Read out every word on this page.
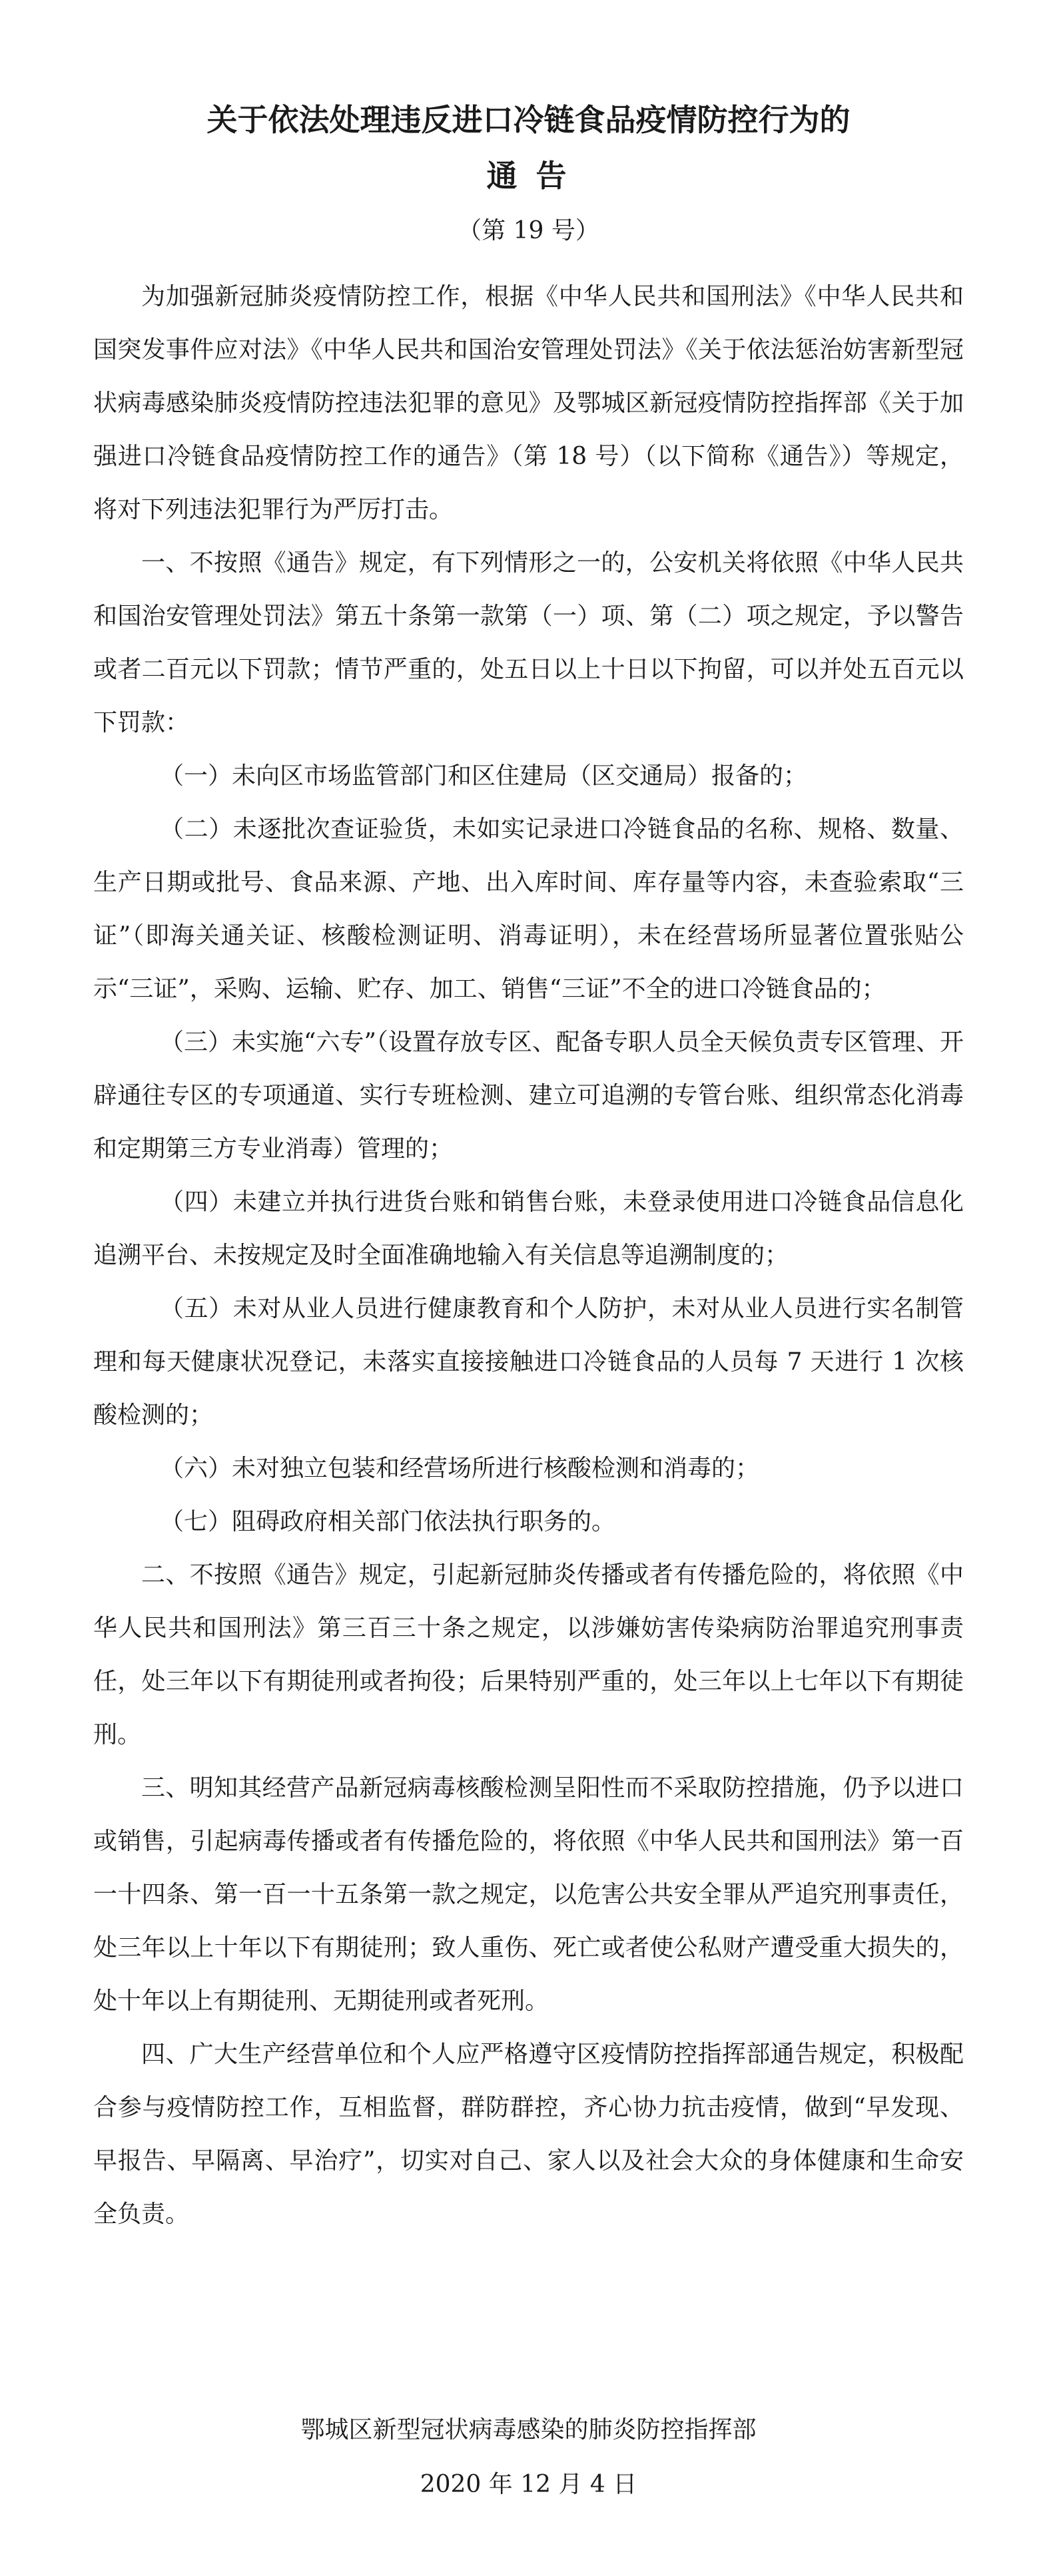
关于依法处理违反进口冷链食品疫情防控行为的
通 告

（第 19 号）

为加强新冠肺炎疫情防控工作，根据《中华人民共和国刑法》《中华人民共和国突发事件应对法》《中华人民共和国治安管理处罚法》《关于依法惩治妨害新型冠状病毒感染肺炎疫情防控违法犯罪的意见》及鄂城区新冠疫情防控指挥部《关于加强进口冷链食品疫情防控工作的通告》（第 18 号）（以下简称《通告》）等规定，将对下列违法犯罪行为严厉打击。

一、不按照《通告》规定，有下列情形之一的，公安机关将依照《中华人民共和国治安管理处罚法》第五十条第一款第（一）项、第（二）项之规定，予以警告或者二百元以下罚款；情节严重的，处五日以上十日以下拘留，可以并处五百元以下罚款：

（一）未向区市场监管部门和区住建局（区交通局）报备的；

（二）未逐批次查证验货，未如实记录进口冷链食品的名称、规格、数量、生产日期或批号、食品来源、产地、出入库时间、库存量等内容，未查验索取“三证”（即海关通关证、核酸检测证明、消毒证明），未在经营场所显著位置张贴公示“三证”，采购、运输、贮存、加工、销售“三证”不全的进口冷链食品的；

（三）未实施“六专”（设置存放专区、配备专职人员全天候负责专区管理、开辟通往专区的专项通道、实行专班检测、建立可追溯的专管台账、组织常态化消毒和定期第三方专业消毒）管理的；

（四）未建立并执行进货台账和销售台账，未登录使用进口冷链食品信息化追溯平台、未按规定及时全面准确地输入有关信息等追溯制度的；

（五）未对从业人员进行健康教育和个人防护，未对从业人员进行实名制管理和每天健康状况登记，未落实直接接触进口冷链食品的人员每 7 天进行 1 次核酸检测的；

（六）未对独立包装和经营场所进行核酸检测和消毒的；

（七）阻碍政府相关部门依法执行职务的。

二、不按照《通告》规定，引起新冠肺炎传播或者有传播危险的，将依照《中华人民共和国刑法》第三百三十条之规定，以涉嫌妨害传染病防治罪追究刑事责任，处三年以下有期徒刑或者拘役；后果特别严重的，处三年以上七年以下有期徒刑。

三、明知其经营产品新冠病毒核酸检测呈阳性而不采取防控措施，仍予以进口或销售，引起病毒传播或者有传播危险的，将依照《中华人民共和国刑法》第一百一十四条、第一百一十五条第一款之规定，以危害公共安全罪从严追究刑事责任，处三年以上十年以下有期徒刑；致人重伤、死亡或者使公私财产遭受重大损失的，处十年以上有期徒刑、无期徒刑或者死刑。

四、广大生产经营单位和个人应严格遵守区疫情防控指挥部通告规定，积极配合参与疫情防控工作，互相监督，群防群控，齐心协力抗击疫情，做到“早发现、早报告、早隔离、早治疗”，切实对自己、家人以及社会大众的身体健康和生命安全负责。

鄂城区新型冠状病毒感染的肺炎防控指挥部
2020 年 12 月 4 日
